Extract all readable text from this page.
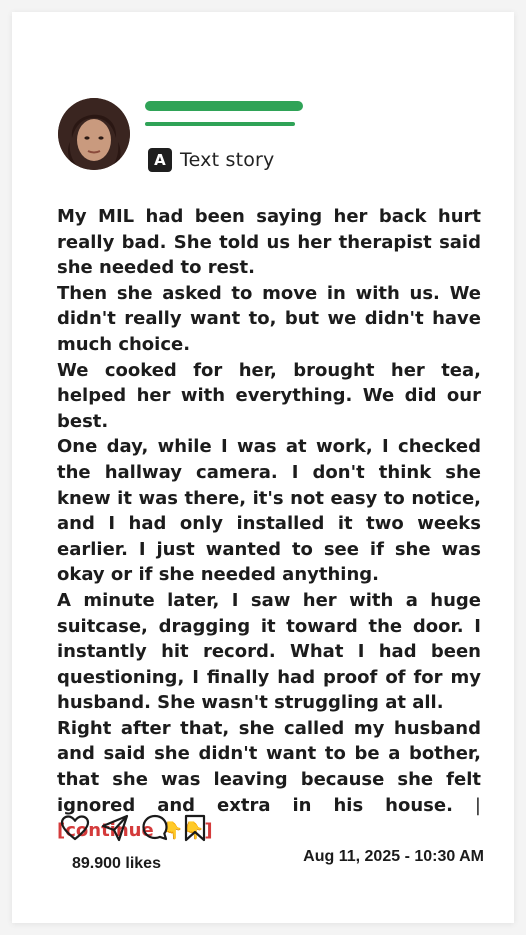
A Text story

My MIL had been saying her back hurt really bad. She told us her therapist said she needed to rest.

Then she asked to move in with us. We didn't really want to, but we didn't have much choice.

We cooked for her, brought her tea, helped her with everything. We did our best.

One day, while I was at work, I checked the hallway camera. I don't think she knew it was there, it's not easy to notice, and I had only installed it two weeks earlier. I just wanted to see if she was okay or if she needed anything.

A minute later, I saw her with a huge suitcase, dragging it toward the door. I instantly hit record. What I had been questioning, I finally had proof of for my husband. She wasn't struggling at all.

Right after that, she called my husband and said she didn't want to be a bother, that she was leaving because she felt ignored and extra in his house. |[continue 👇👇]

89.900 likes	Aug 11, 2025 - 10:30 AM
